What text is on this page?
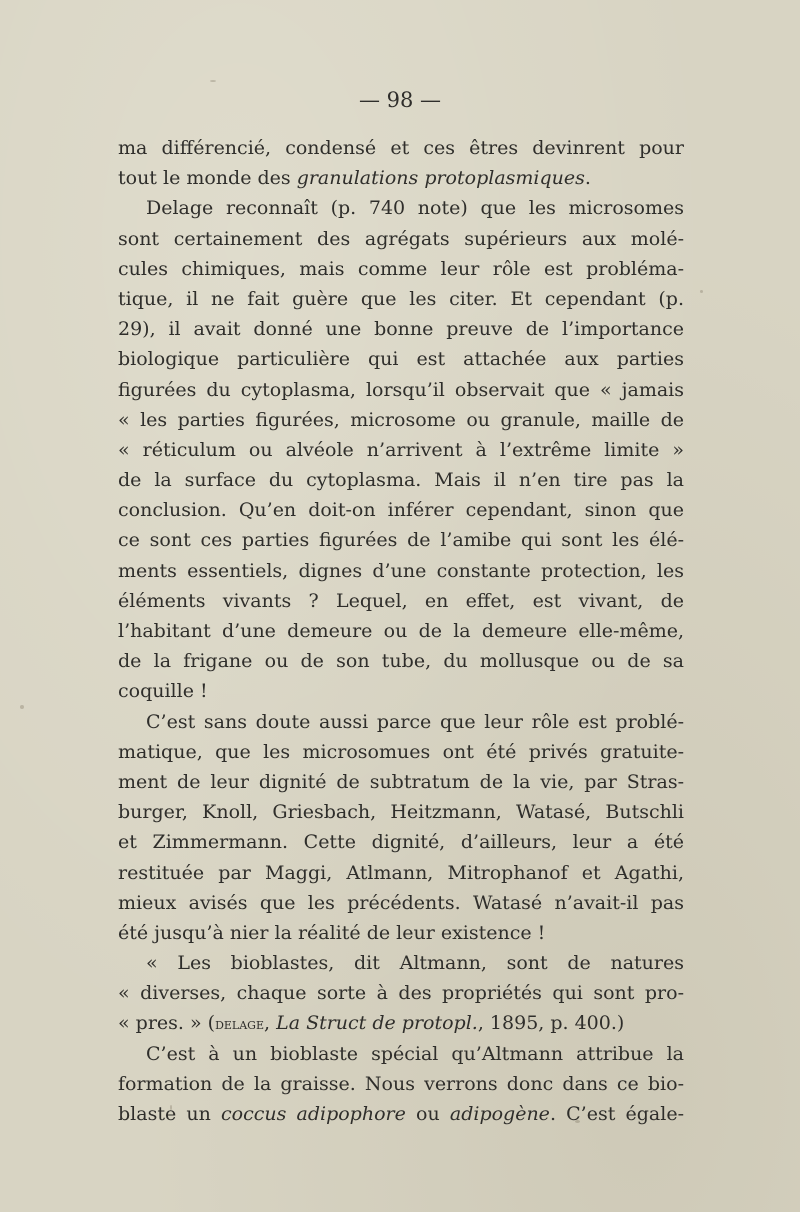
— 98 —
ma différencié, condensé et ces êtres devinrent pour
tout le monde des granulations protoplasmiques.
Delage reconnaît (p. 740 note) que les microsomes
sont certainement des agrégats supérieurs aux molé-
cules chimiques, mais comme leur rôle est probléma-
tique, il ne fait guère que les citer. Et cependant (p.
29), il avait donné une bonne preuve de l’importance
biologique particulière qui est attachée aux parties
figurées du cytoplasma, lorsqu’il observait que « jamais
« les parties figurées, microsome ou granule, maille de
« réticulum ou alvéole n’arrivent à l’extrême limite »
de la surface du cytoplasma. Mais il n’en tire pas la
conclusion. Qu’en doit-on inférer cependant, sinon que
ce sont ces parties figurées de l’amibe qui sont les élé-
ments essentiels, dignes d’une constante protection, les
éléments vivants ? Lequel, en effet, est vivant, de
l’habitant d’une demeure ou de la demeure elle-même,
de la frigane ou de son tube, du mollusque ou de sa
coquille !
C’est sans doute aussi parce que leur rôle est problé-
matique, que les microsomues ont été privés gratuite-
ment de leur dignité de subtratum de la vie, par Stras-
burger, Knoll, Griesbach, Heitzmann, Watasé, Butschli
et Zimmermann. Cette dignité, d’ailleurs, leur a été
restituée par Maggi, Atlmann, Mitrophanof et Agathi,
mieux avisés que les précédents. Watasé n’avait-il pas
été jusqu’à nier la réalité de leur existence !
« Les bioblastes, dit Altmann, sont de natures
« diverses, chaque sorte à des propriétés qui sont pro-
« pres. » (delage, La Struct de protopl., 1895, p. 400.)
C’est à un bioblaste spécial qu’Altmann attribue la
formation de la graisse. Nous verrons donc dans ce bio-
blaste un coccus adipophore ou adipogène. C’est égale-
